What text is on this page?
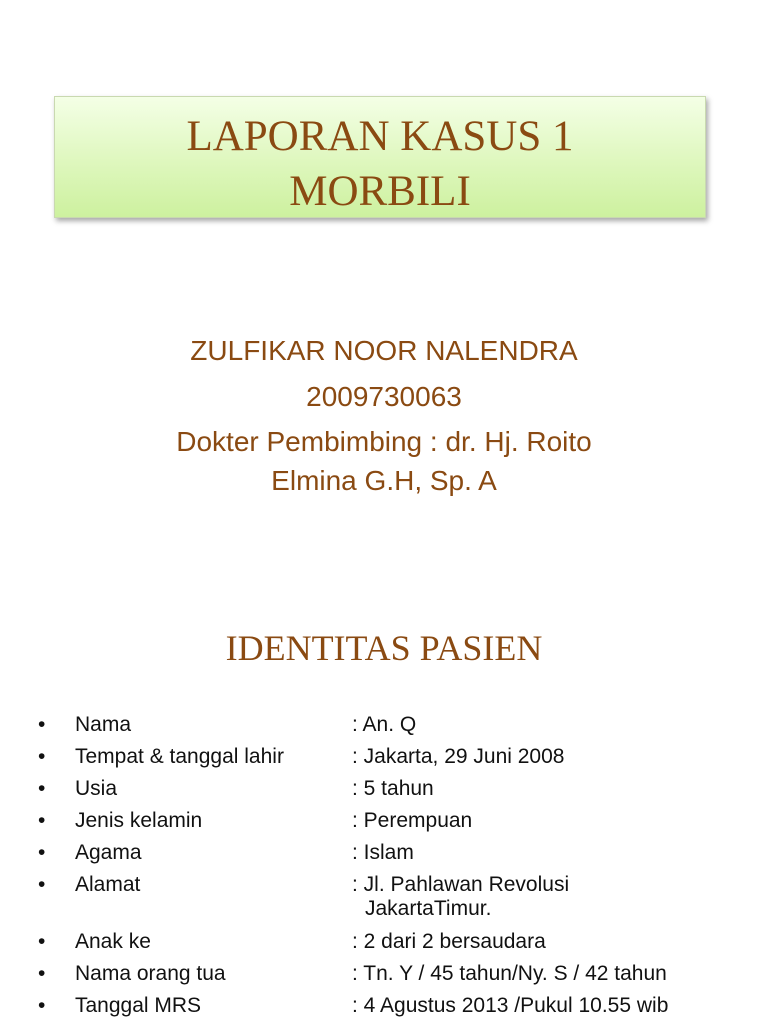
LAPORAN KASUS 1
MORBILI
ZULFIKAR NOOR NALENDRA
2009730063
Dokter Pembimbing : dr. Hj. Roito
Elmina G.H, Sp. A
IDENTITAS PASIEN
• Nama	: An. Q
• Tempat & tanggal lahir	: Jakarta, 29 Juni 2008
• Usia	: 5 tahun
• Jenis kelamin	: Perempuan
• Agama	: Islam
• Alamat	: Jl. Pahlawan Revolusi
JakartaTimur.
• Anak ke	: 2 dari 2 bersaudara
• Nama orang tua	: Tn. Y / 45 tahun/Ny. S / 42 tahun
• Tanggal MRS	: 4 Agustus 2013 /Pukul 10.55 wib
